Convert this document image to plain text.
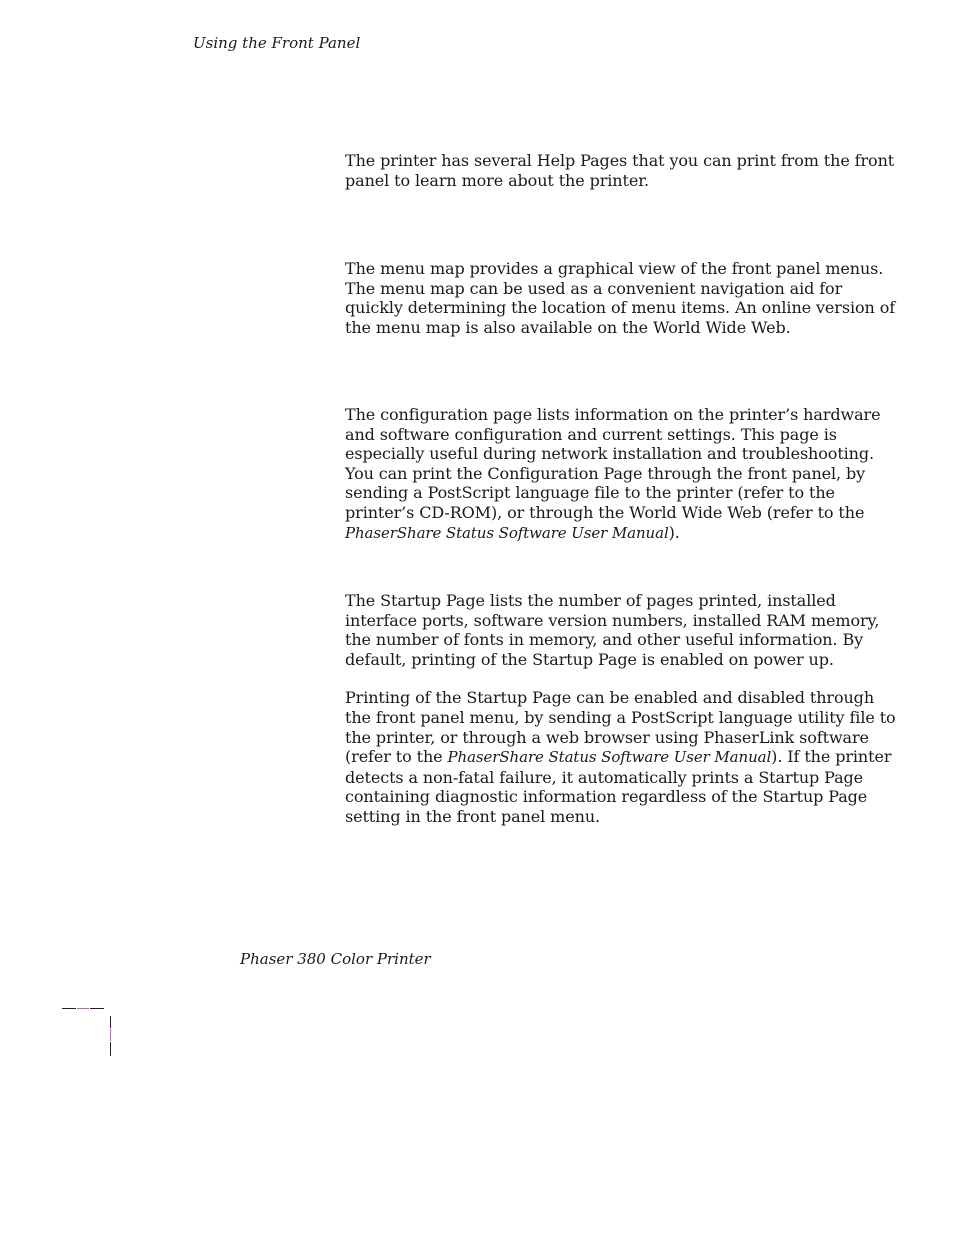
Using the Front Panel

The printer has several Help Pages that you can print from the front panel to learn more about the printer.

The menu map provides a graphical view of the front panel menus. The menu map can be used as a convenient navigation aid for quickly determining the location of menu items. An online version of the menu map is also available on the World Wide Web.

The configuration page lists information on the printer’s hardware and software configuration and current settings. This page is especially useful during network installation and troubleshooting. You can print the Configuration Page through the front panel, by sending a PostScript language file to the printer (refer to the printer’s CD-ROM), or through the World Wide Web (refer to the PhaserShare Status Software User Manual).

The Startup Page lists the number of pages printed, installed interface ports, software version numbers, installed RAM memory, the number of fonts in memory, and other useful information. By default, printing of the Startup Page is enabled on power up.

Printing of the Startup Page can be enabled and disabled through the front panel menu, by sending a PostScript language utility file to the printer, or through a web browser using PhaserLink software (refer to the PhaserShare Status Software User Manual). If the printer detects a non-fatal failure, it automatically prints a Startup Page containing diagnostic information regardless of the Startup Page setting in the front panel menu.

Phaser 380 Color Printer
